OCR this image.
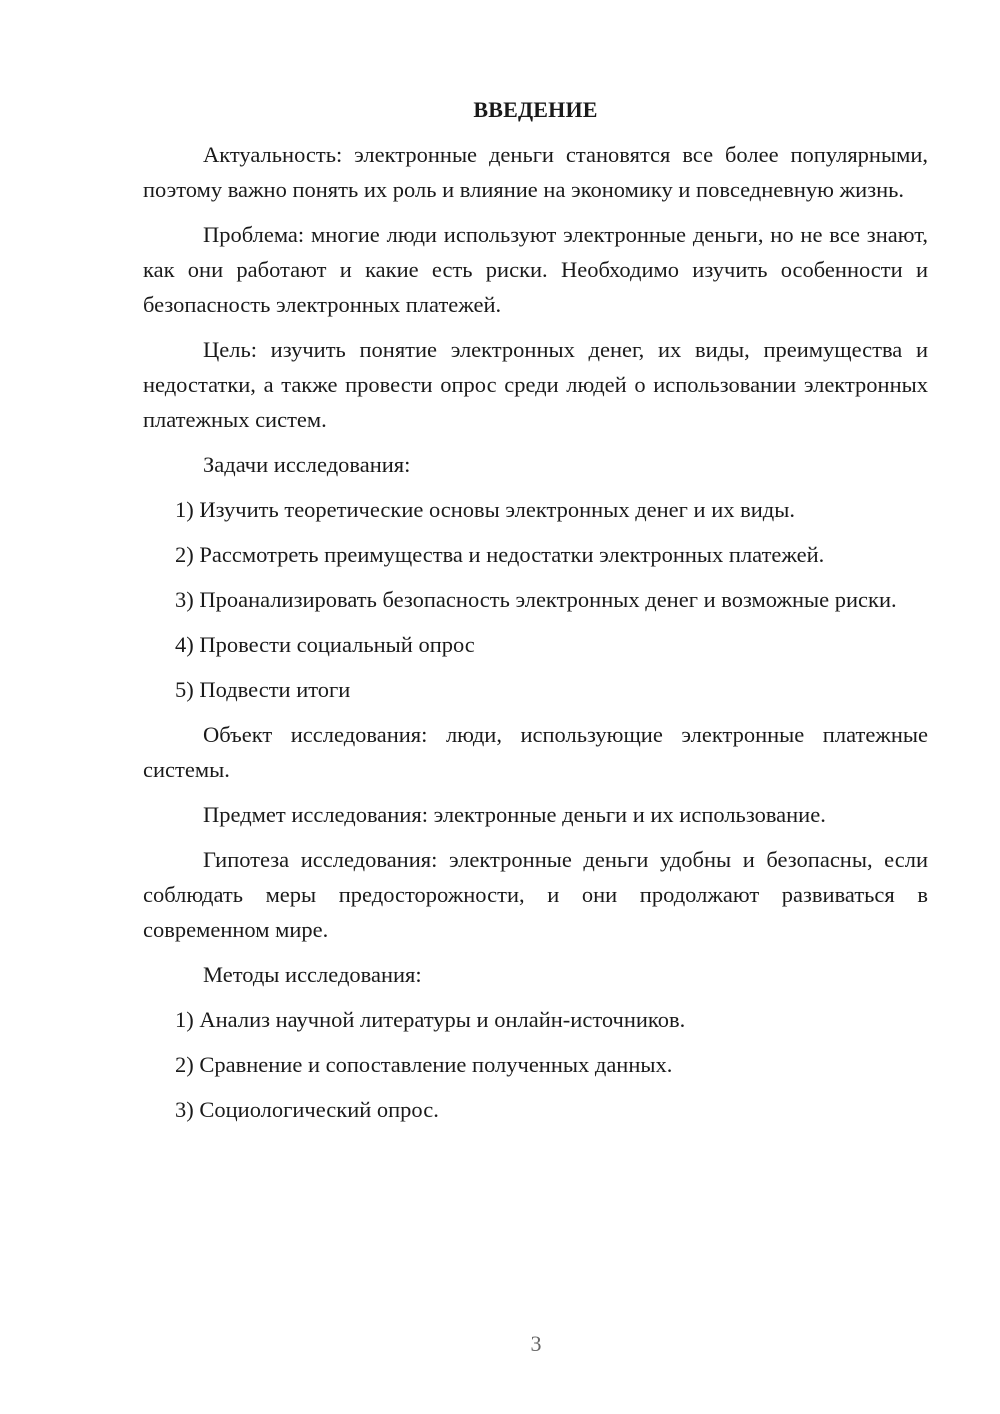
ВВЕДЕНИЕ

Актуальность: электронные деньги становятся все более популярными, поэтому важно понять их роль и влияние на экономику и повседневную жизнь.

Проблема: многие люди используют электронные деньги, но не все знают, как они работают и какие есть риски. Необходимо изучить особенности и безопасность электронных платежей.

Цель: изучить понятие электронных денег, их виды, преимущества и недостатки, а также провести опрос среди людей о использовании электронных платежных систем.

Задачи исследования:

1) Изучить теоретические основы электронных денег и их виды.

2) Рассмотреть преимущества и недостатки электронных платежей.

3) Проанализировать безопасность электронных денег и возможные риски.

4) Провести социальный опрос

5) Подвести итоги

Объект исследования: люди, использующие электронные платежные системы.

Предмет исследования: электронные деньги и их использование.

Гипотеза исследования: электронные деньги удобны и безопасны, если соблюдать меры предосторожности, и они продолжают развиваться в современном мире.

Методы исследования:

1) Анализ научной литературы и онлайн-источников.

2) Сравнение и сопоставление полученных данных.

3) Социологический опрос.

3
